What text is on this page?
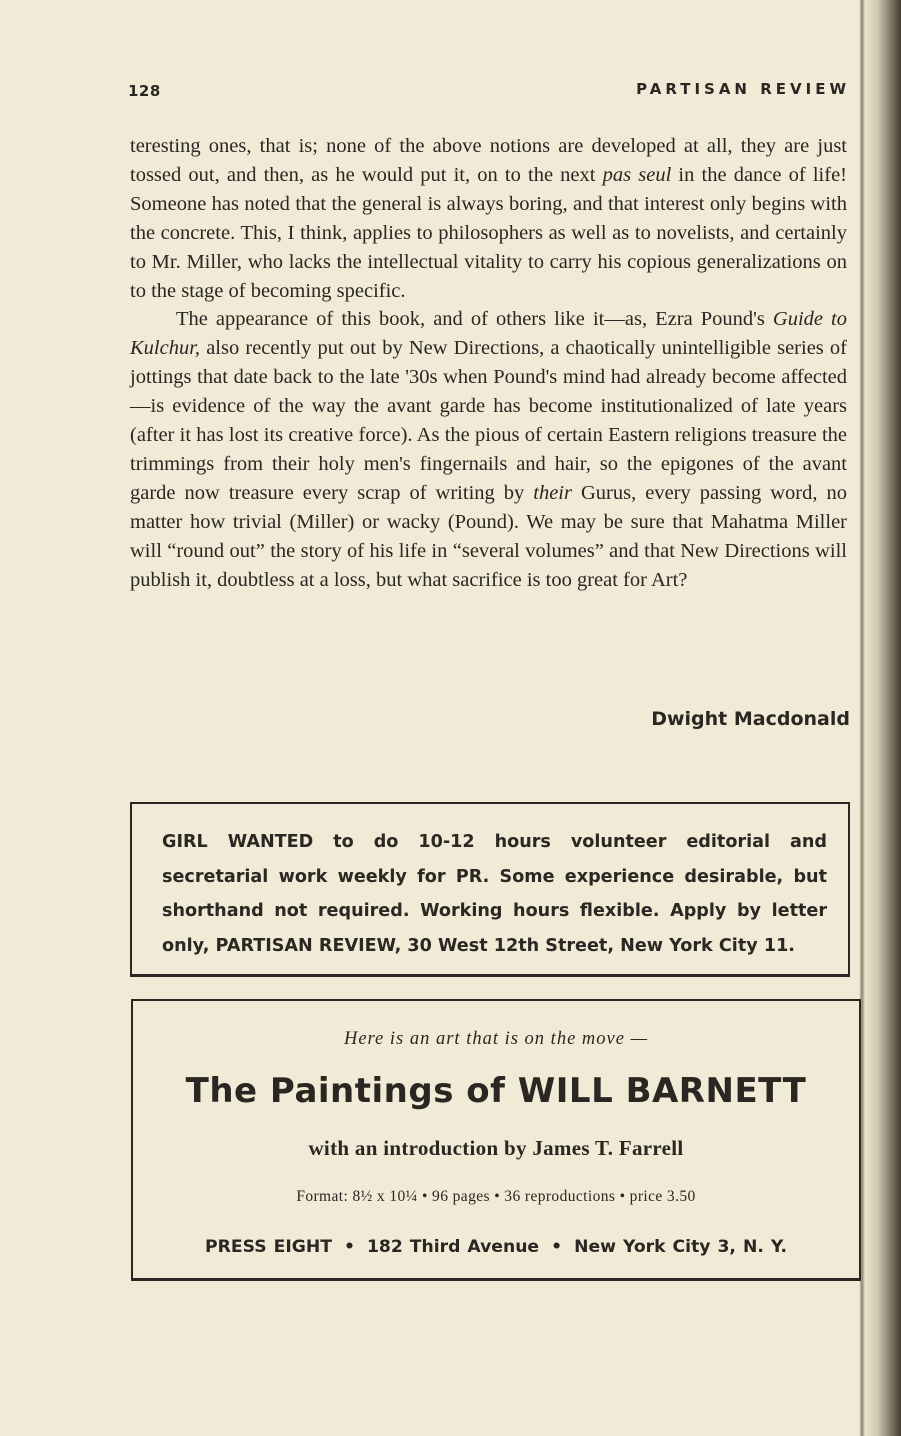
128	PARTISAN REVIEW

teresting ones, that is; none of the above notions are developed at all, they are just tossed out, and then, as he would put it, on to the next pas seul in the dance of life! Someone has noted that the general is always boring, and that interest only begins with the concrete. This, I think, applies to philosophers as well as to novelists, and certainly to Mr. Miller, who lacks the intellectual vitality to carry his copious generalizations on to the stage of becoming specific.

The appearance of this book, and of others like it—as, Ezra Pound's Guide to Kulchur, also recently put out by New Directions, a chaotically unintelligible series of jottings that date back to the late '30s when Pound's mind had already become affected—is evidence of the way the avant garde has become institutionalized of late years (after it has lost its creative force). As the pious of certain Eastern religions treasure the trimmings from their holy men's fingernails and hair, so the epigones of the avant garde now treasure every scrap of writing by their Gurus, every passing word, no matter how trivial (Miller) or wacky (Pound). We may be sure that Mahatma Miller will “round out” the story of his life in “several volumes” and that New Directions will publish it, doubtless at a loss, but what sacrifice is too great for Art?

Dwight Macdonald
GIRL WANTED to do 10-12 hours volunteer editorial and secretarial work weekly for PR. Some experience desirable, but shorthand not required. Working hours flexible. Apply by letter only, PARTISAN REVIEW, 30 West 12th Street, New York City 11.
Here is an art that is on the move —
The Paintings of WILL BARNETT
with an introduction by James T. Farrell
Format: 8½ x 10¼ • 96 pages • 36 reproductions • price 3.50
PRESS EIGHT • 182 Third Avenue • New York City 3, N. Y.
